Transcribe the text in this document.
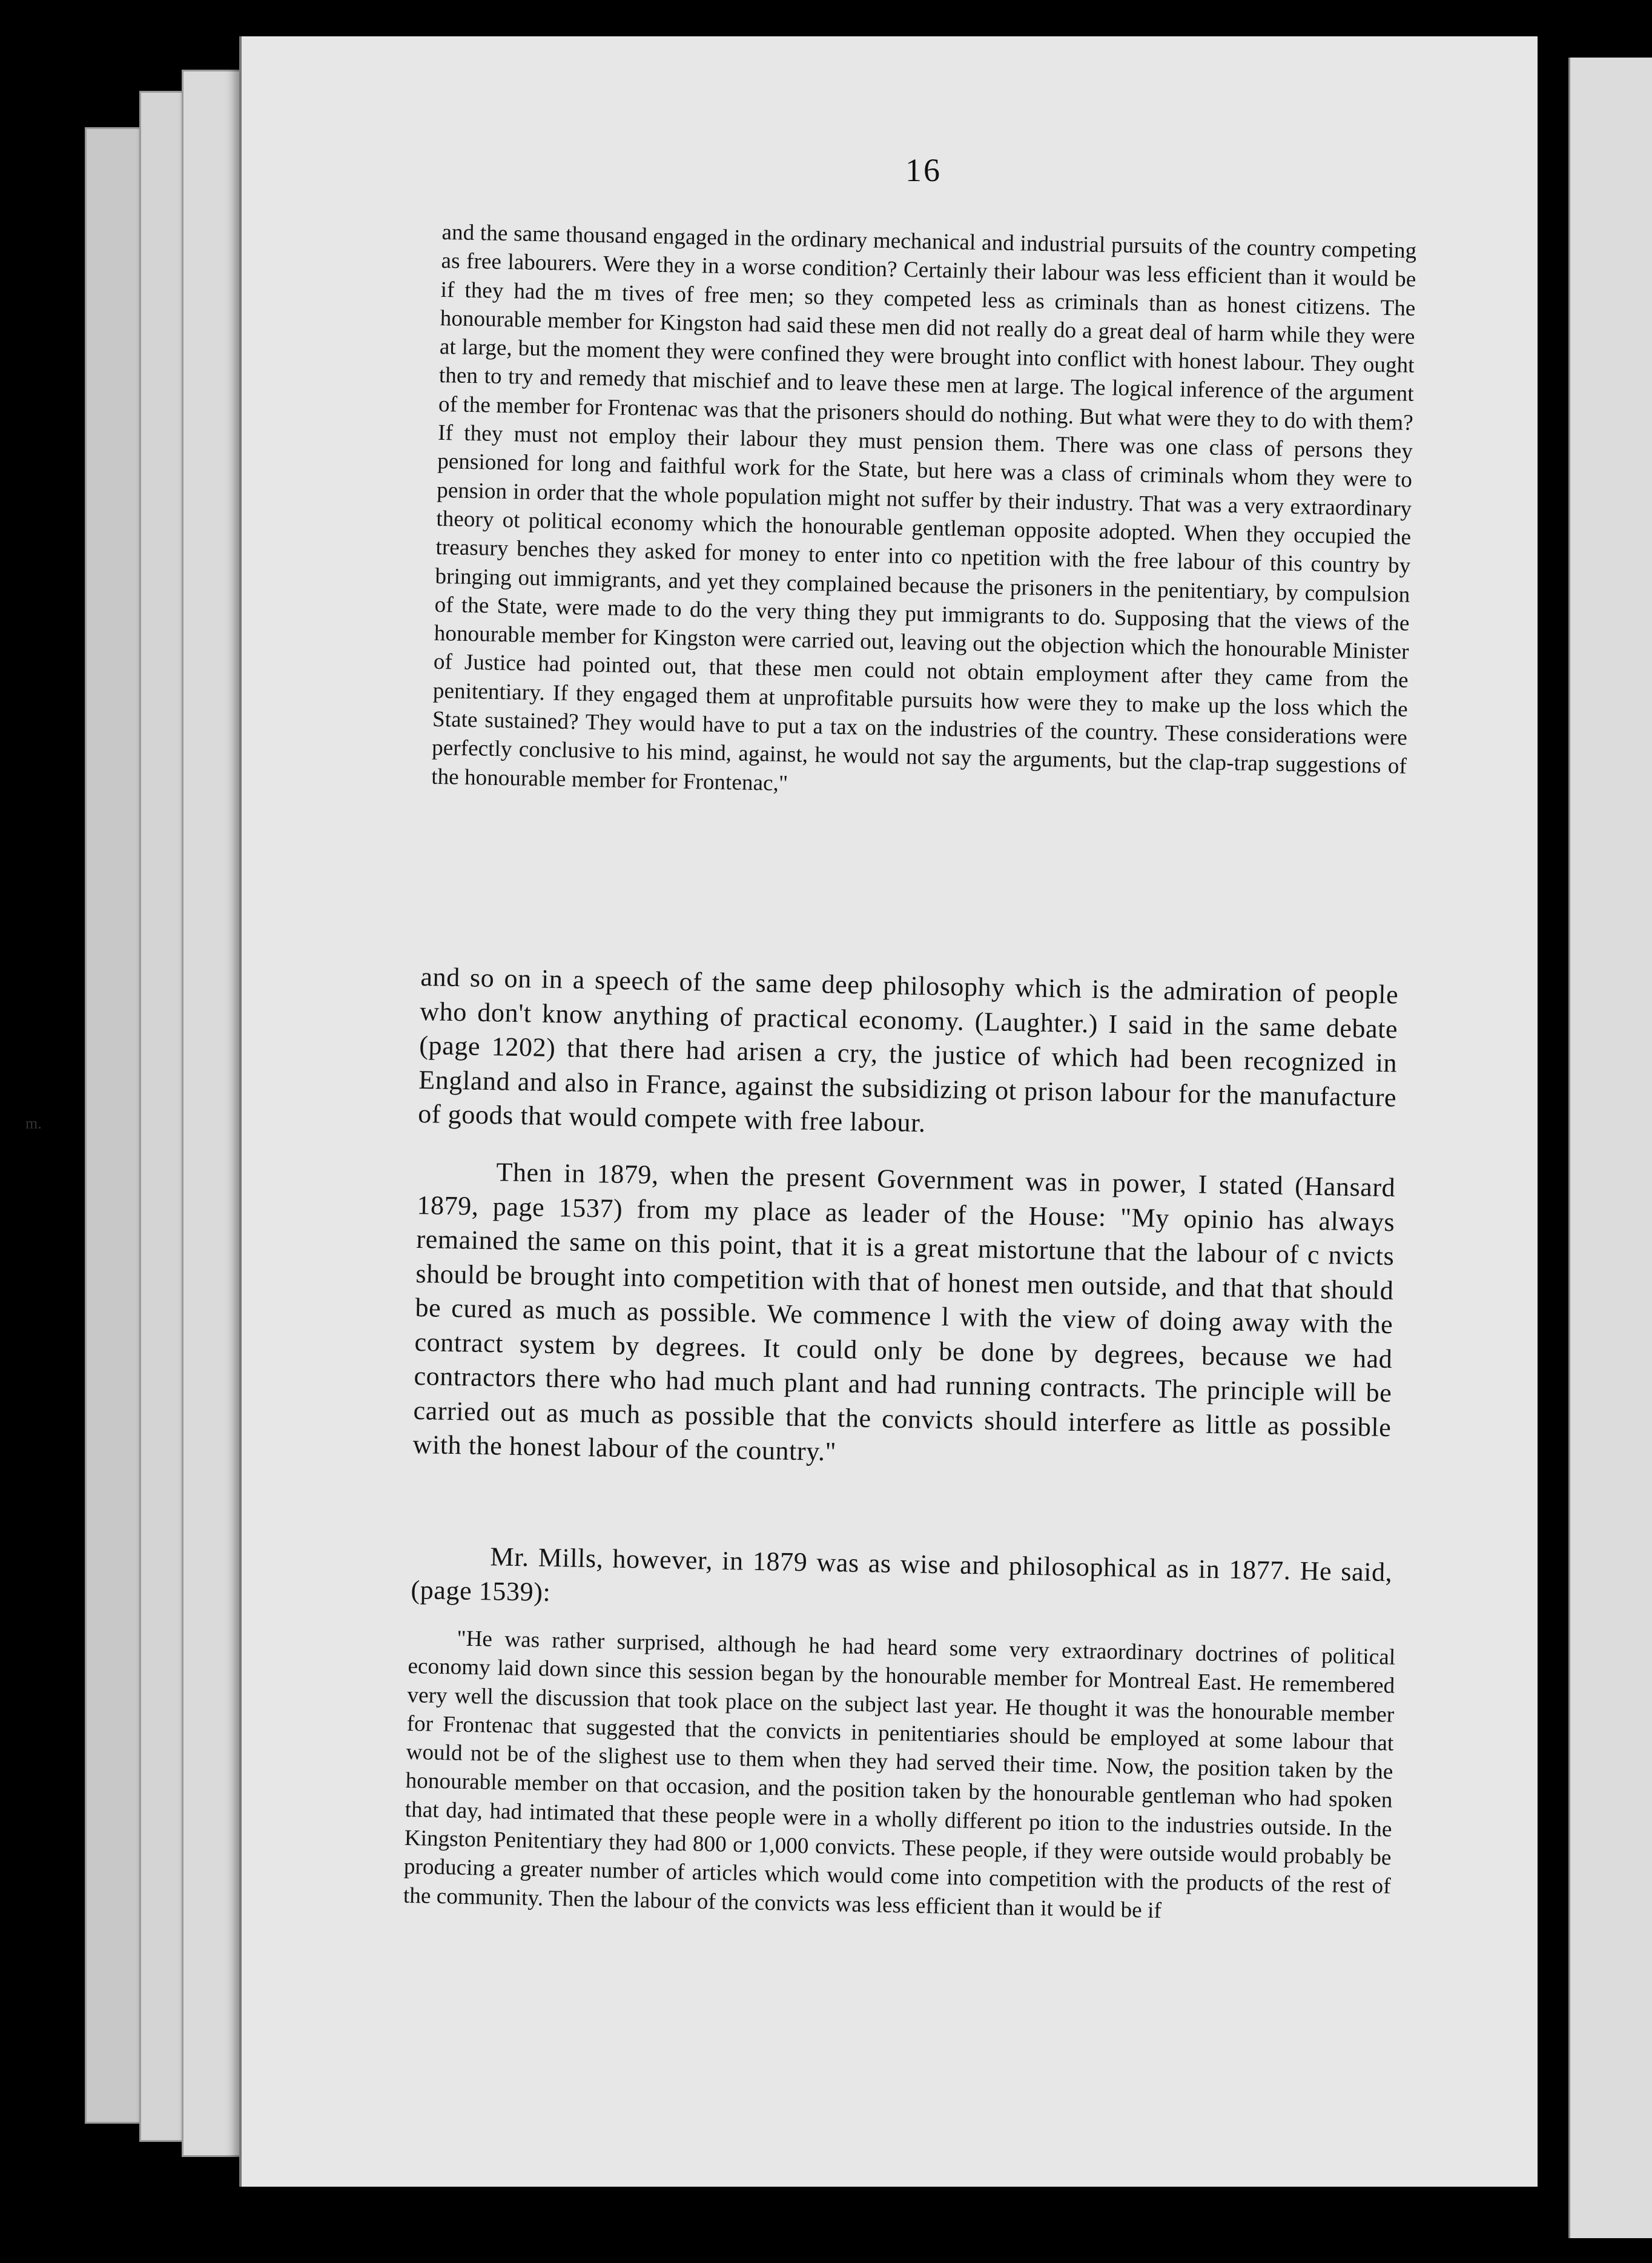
m.
16

and the same thousand engaged in the ordinary mechanical and industrial pursuits of the country competing as free labourers. Were they in a worse condition? Certainly their labour was less efficient than it would be if they had the m tives of free men; so they competed less as criminals than as honest citizens. The honourable member for Kingston had said these men did not really do a great deal of harm while they were at large, but the moment they were confined they were brought into conflict with honest labour. They ought then to try and remedy that mischief and to leave these men at large. The logical inference of the argument of the member for Frontenac was that the prisoners should do nothing. But what were they to do with them? If they must not employ their labour they must pension them. There was one class of persons they pensioned for long and faithful work for the State, but here was a class of criminals whom they were to pension in order that the whole population might not suffer by their industry. That was a very extraordinary theory ot political economy which the honourable gentleman opposite adopted. When they occupied the treasury benches they asked for money to enter into co npetition with the free labour of this country by bringing out immigrants, and yet they complained because the prisoners in the penitentiary, by compulsion of the State, were made to do the very thing they put immigrants to do. Supposing that the views of the honourable member for Kingston were carried out, leaving out the objection which the honourable Minister of Justice had pointed out, that these men could not obtain employment after they came from the penitentiary. If they engaged them at unprofitable pursuits how were they to make up the loss which the State sustained? They would have to put a tax on the industries of the country. These considerations were perfectly conclusive to his mind, against, he would not say the arguments, but the clap-trap suggestions of the honourable member for Frontenac,"

and so on in a speech of the same deep philosophy which is the admiration of people who don't know anything of practical economy. (Laughter.) I said in the same debate (page 1202) that there had arisen a cry, the justice of which had been recognized in England and also in France, against the subsidizing ot prison labour for the manufacture of goods that would compete with free labour.

Then in 1879, when the present Government was in power, I stated (Hansard 1879, page 1537) from my place as leader of the House: "My opinio has always remained the same on this point, that it is a great mistortune that the labour of c nvicts should be brought into competition with that of honest men outside, and that that should be cured as much as possible. We commence l with the view of doing away with the contract system by degrees. It could only be done by degrees, because we had contractors there who had much plant and had running contracts. The principle will be carried out as much as possible that the convicts should interfere as little as possible with the honest labour of the country."

Mr. Mills, however, in 1879 was as wise and philosophical as in 1877. He said, (page 1539):

"He was rather surprised, although he had heard some very extraordinary doctrines of political economy laid down since this session began by the honourable member for Montreal East. He remembered very well the discussion that took place on the subject last year. He thought it was the honourable member for Frontenac that suggested that the convicts in penitentiaries should be employed at some labour that would not be of the slighest use to them when they had served their time. Now, the position taken by the honourable member on that occasion, and the position taken by the honourable gentleman who had spoken that day, had intimated that these people were in a wholly different po ition to the industries outside. In the Kingston Penitentiary they had 800 or 1,000 convicts. These people, if they were outside would probably be producing a greater number of articles which would come into competition with the products of the rest of the community. Then the labour of the convicts was less efficient than it would be if
